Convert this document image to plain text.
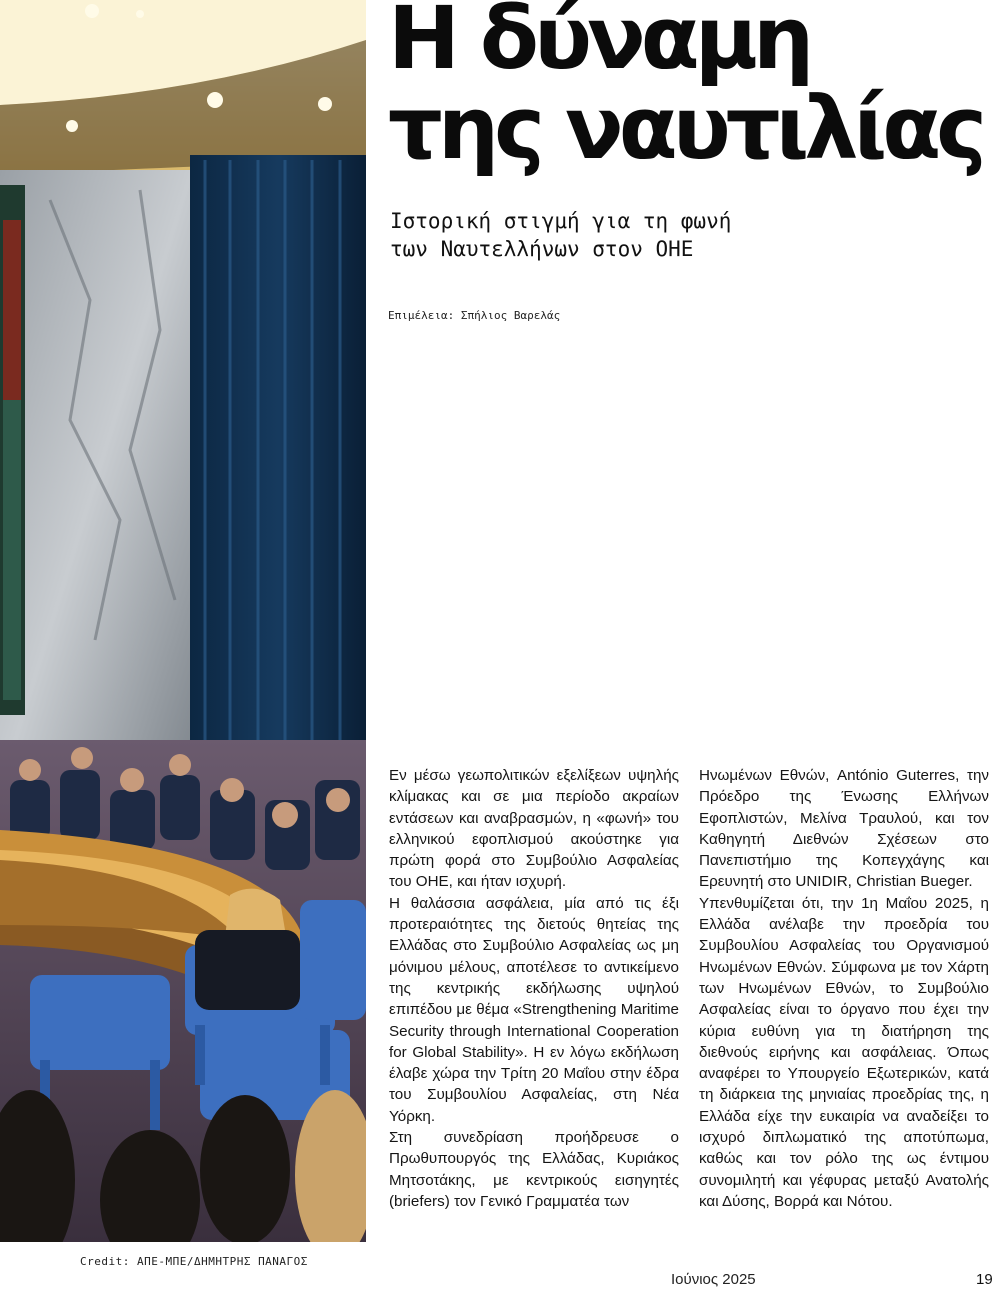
Credit: ΑΠΕ-ΜΠΕ/ΔΗΜΗΤΡΗΣ ΠΑΝΑΓΟΣ
Η δύναμη
της ναυτιλίας
Ιστορική στιγμή για τη φωνή
των Ναυτελλήνων στον ΟΗΕ
Επιμέλεια: Σπήλιος Βαρελάς

Εν μέσω γεωπολιτικών εξελίξεων υψηλής κλίμακας και σε μια περίοδο ακραίων εντάσεων και αναβρασμών, η «φωνή» του ελληνικού εφοπλισμού ακούστηκε για πρώτη φορά στο Συμβούλιο Ασφαλείας του ΟΗΕ, και ήταν ισχυρή.

Η θαλάσσια ασφάλεια, μία από τις έξι προτεραιότητες της διετούς θητείας της Ελλάδας στο Συμβούλιο Ασφαλείας ως μη μόνιμου μέλους, αποτέλεσε το αντικείμενο της κεντρικής εκδήλωσης υψηλού επιπέδου με θέμα «Strengthening Maritime Security through International Cooperation for Global Stability». Η εν λόγω εκδήλωση έλαβε χώρα την Τρίτη 20 Μαΐου στην έδρα του Συμβουλίου Ασφαλείας, στη Νέα Υόρκη.

Στη συνεδρίαση προήδρευσε ο Πρωθυπουργός της Ελλάδας, Κυριάκος Μητσοτάκης, με κεντρικούς εισηγητές (briefers) τον Γενικό Γραμματέα των

Ηνωμένων Εθνών, António Guterres, την Πρόεδρο της Ένωσης Ελλήνων Εφοπλιστών, Μελίνα Τραυλού, και τον Καθηγητή Διεθνών Σχέσεων στο Πανεπιστήμιο της Κοπεγχάγης και Ερευνητή στο UNIDIR, Christian Bueger.

Υπενθυμίζεται ότι, την 1η Μαΐου 2025, η Ελλάδα ανέλαβε την προεδρία του Συμβουλίου Ασφαλείας του Οργανισμού Ηνωμένων Εθνών. Σύμφωνα με τον Χάρτη των Ηνωμένων Εθνών, το Συμβούλιο Ασφαλείας είναι το όργανο που έχει την κύρια ευθύνη για τη διατήρηση της διεθνούς ειρήνης και ασφάλειας. Όπως αναφέρει το Υπουργείο Εξωτερικών, κατά τη διάρκεια της μηνιαίας προεδρίας της, η Ελλάδα είχε την ευκαιρία να αναδείξει το ισχυρό διπλωματικό της αποτύπωμα, καθώς και τον ρόλο της ως έντιμου συνομιλητή και γέφυρας μεταξύ Ανατολής και Δύσης, Βορρά και Νότου.

Ιούνιος 2025	19
